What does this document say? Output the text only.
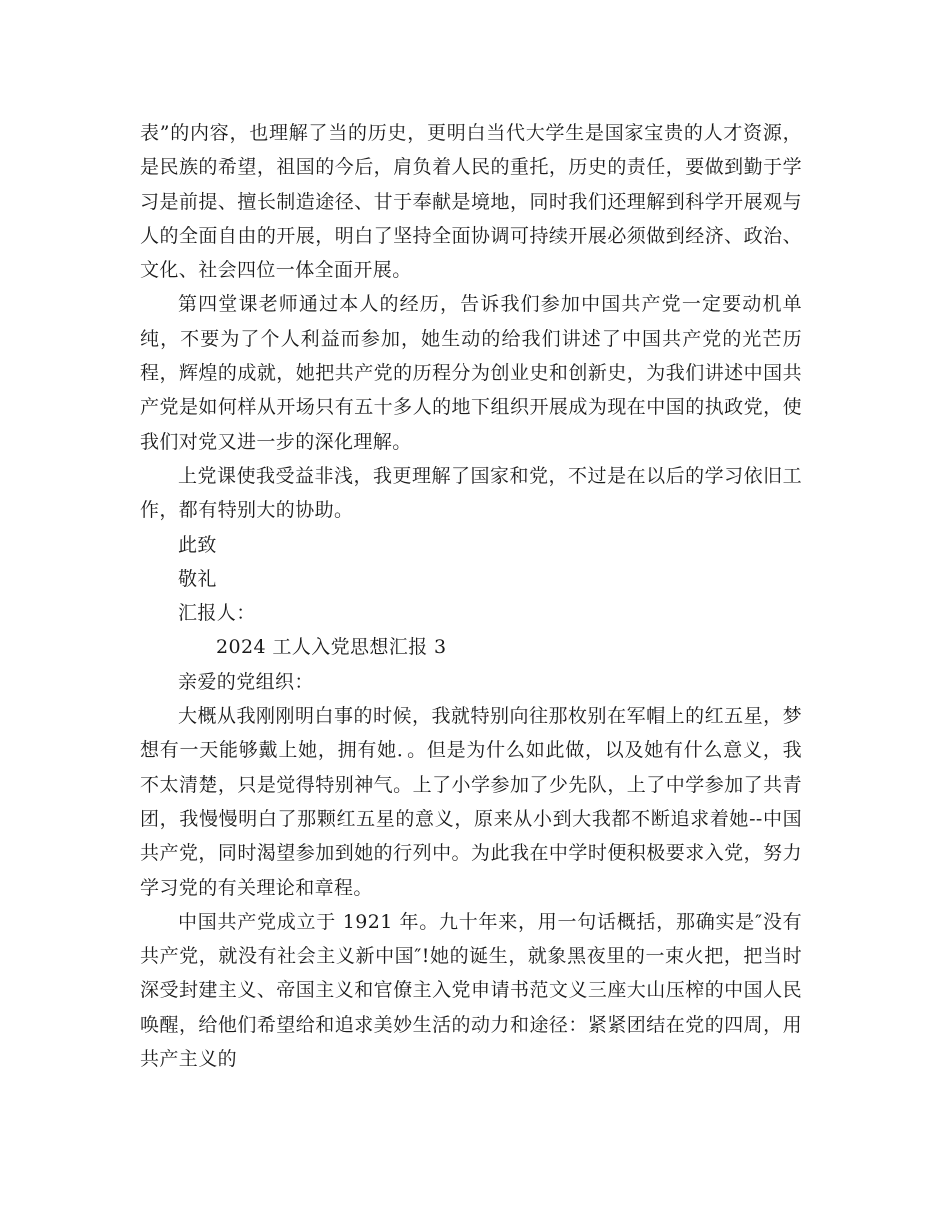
表”的内容，也理解了当的历史，更明白当代大学生是国家宝贵的人才资源，是民族的希望，祖国的今后，肩负着人民的重托，历史的责任，要做到勤于学习是前提、擅长制造途径、甘于奉献是境地，同时我们还理解到科学开展观与人的全面自由的开展，明白了坚持全面协调可持续开展必须做到经济、政治、文化、社会四位一体全面开展。

第四堂课老师通过本人的经历，告诉我们参加中国共产党一定要动机单纯，不要为了个人利益而参加，她生动的给我们讲述了中国共产党的光芒历程，辉煌的成就，她把共产党的历程分为创业史和创新史，为我们讲述中国共产党是如何样从开场只有五十多人的地下组织开展成为现在中国的执政党，使我们对党又进一步的深化理解。

上党课使我受益非浅，我更理解了国家和党，不过是在以后的学习依旧工作，都有特别大的协助。

此致

敬礼

汇报人：

2024 工人入党思想汇报 3

亲爱的党组织：

大概从我刚刚明白事的时候，我就特别向往那枚别在军帽上的红五星，梦想有一天能够戴上她，拥有她．。但是为什么如此做，以及她有什么意义，我不太清楚，只是觉得特别神气。上了小学参加了少先队，上了中学参加了共青团，我慢慢明白了那颗红五星的意义，原来从小到大我都不断追求着她--中国共产党，同时渴望参加到她的行列中。为此我在中学时便积极要求入党，努力学习党的有关理论和章程。

中国共产党成立于 1921 年。九十年来，用一句话概括，那确实是″没有共产党，就没有社会主义新中国″!她的诞生，就象黑夜里的一束火把，把当时深受封建主义、帝国主义和官僚主入党申请书范文义三座大山压榨的中国人民唤醒，给他们希望给和追求美妙生活的动力和途径：紧紧团结在党的四周，用共产主义的
